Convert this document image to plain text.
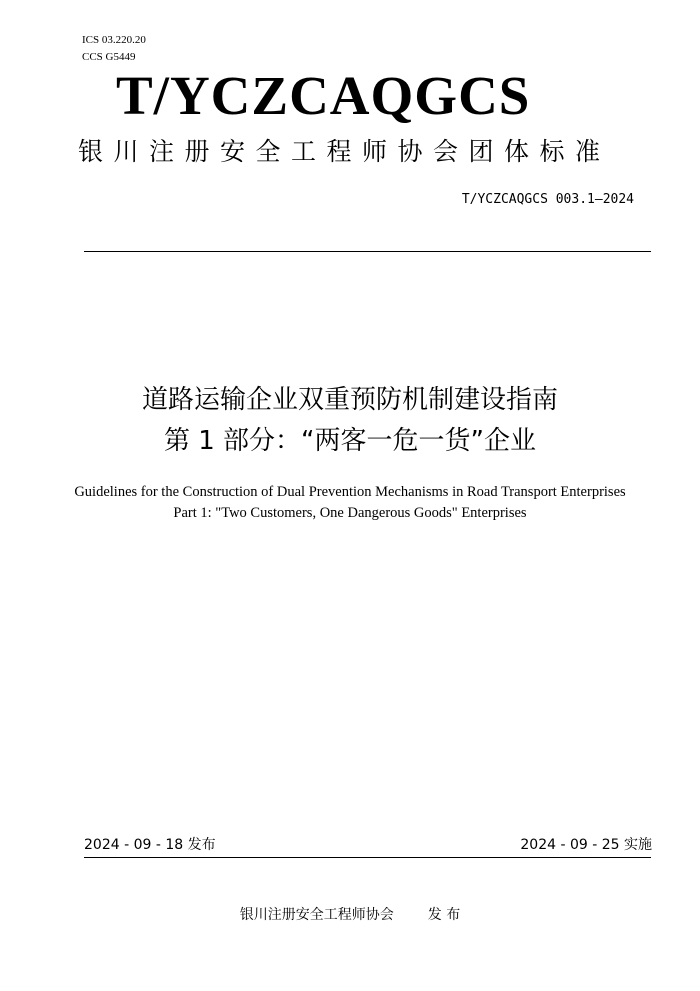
ICS 03.220.20
CCS G5449
T/YCZCAQGCS
银川注册安全工程师协会团体标准
T/YCZCAQGCS 003.1—2024
道路运输企业双重预防机制建设指南
第 1 部分：“两客一危一货”企业
Guidelines for the Construction of Dual Prevention Mechanisms in Road Transport Enterprises Part 1: "Two Customers, One Dangerous Goods" Enterprises
2024 - 09 - 18 发布	2024 - 09 - 25 实施
银川注册安全工程师协会 发 布
